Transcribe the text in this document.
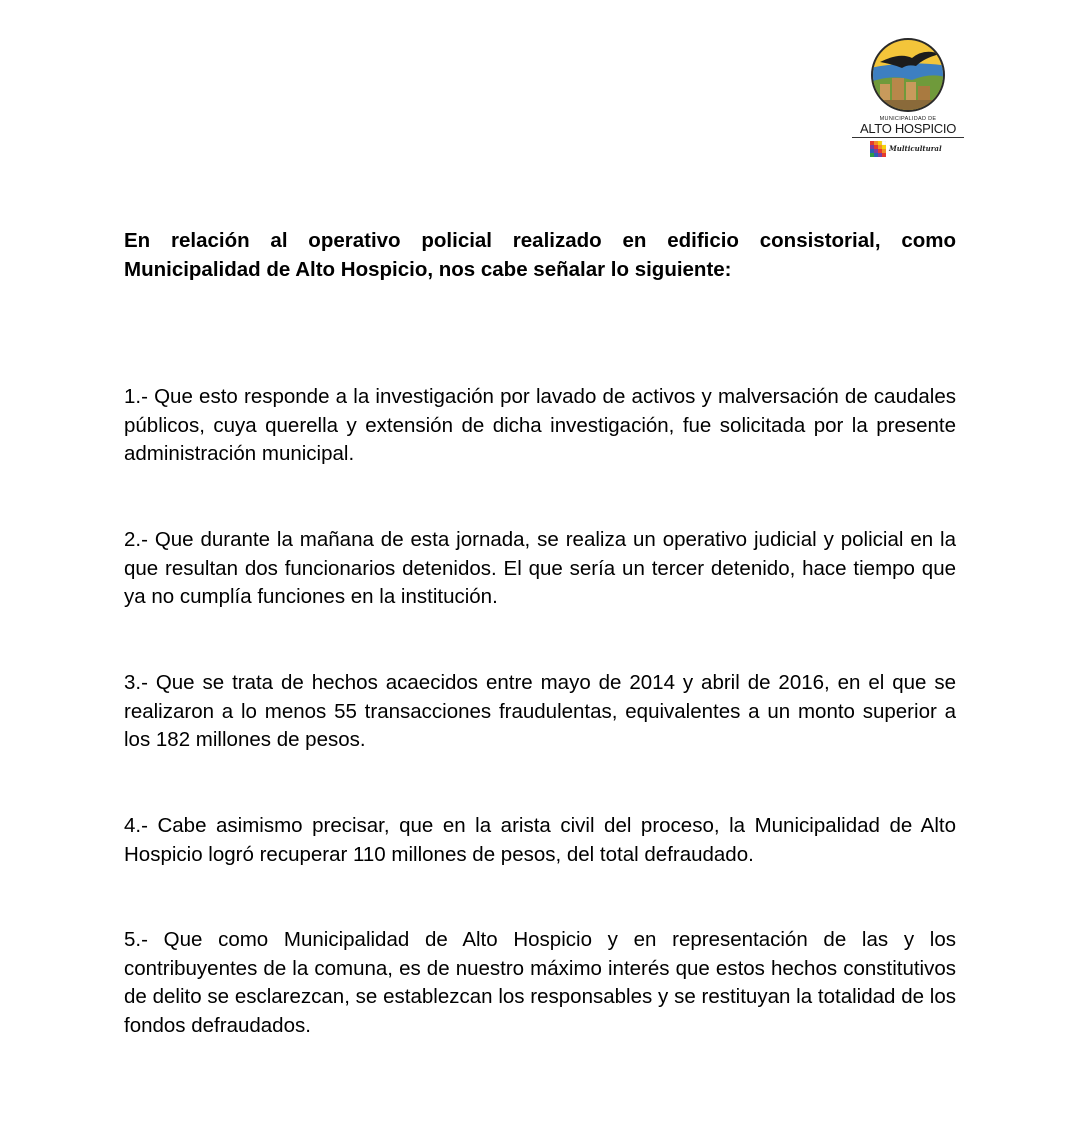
MUNICIPALIDAD DE
ALTO HOSPICIO
Multicultural

En relación al operativo policial realizado en edificio consistorial, como Municipalidad de Alto Hospicio, nos cabe señalar lo siguiente:

1.- Que esto responde a la investigación por lavado de activos y malversación de caudales públicos, cuya querella y extensión de dicha investigación, fue solicitada por la presente administración municipal.

2.- Que durante la mañana de esta jornada, se realiza un operativo judicial y policial en la que resultan dos funcionarios detenidos. El que sería un tercer detenido, hace tiempo que ya no cumplía funciones en la institución.

3.- Que se trata de hechos acaecidos entre mayo de 2014 y abril de 2016, en el que se realizaron a lo menos 55 transacciones fraudulentas, equivalentes a un monto superior a los 182 millones de pesos.

4.- Cabe asimismo precisar, que en la arista civil del proceso, la Municipalidad de Alto Hospicio logró recuperar 110 millones de pesos, del total defraudado.

5.- Que como Municipalidad de Alto Hospicio y en representación de las y los contribuyentes de la comuna, es de nuestro máximo interés que estos hechos constitutivos de delito se esclarezcan, se establezcan los responsables y se restituyan la totalidad de los fondos defraudados.
